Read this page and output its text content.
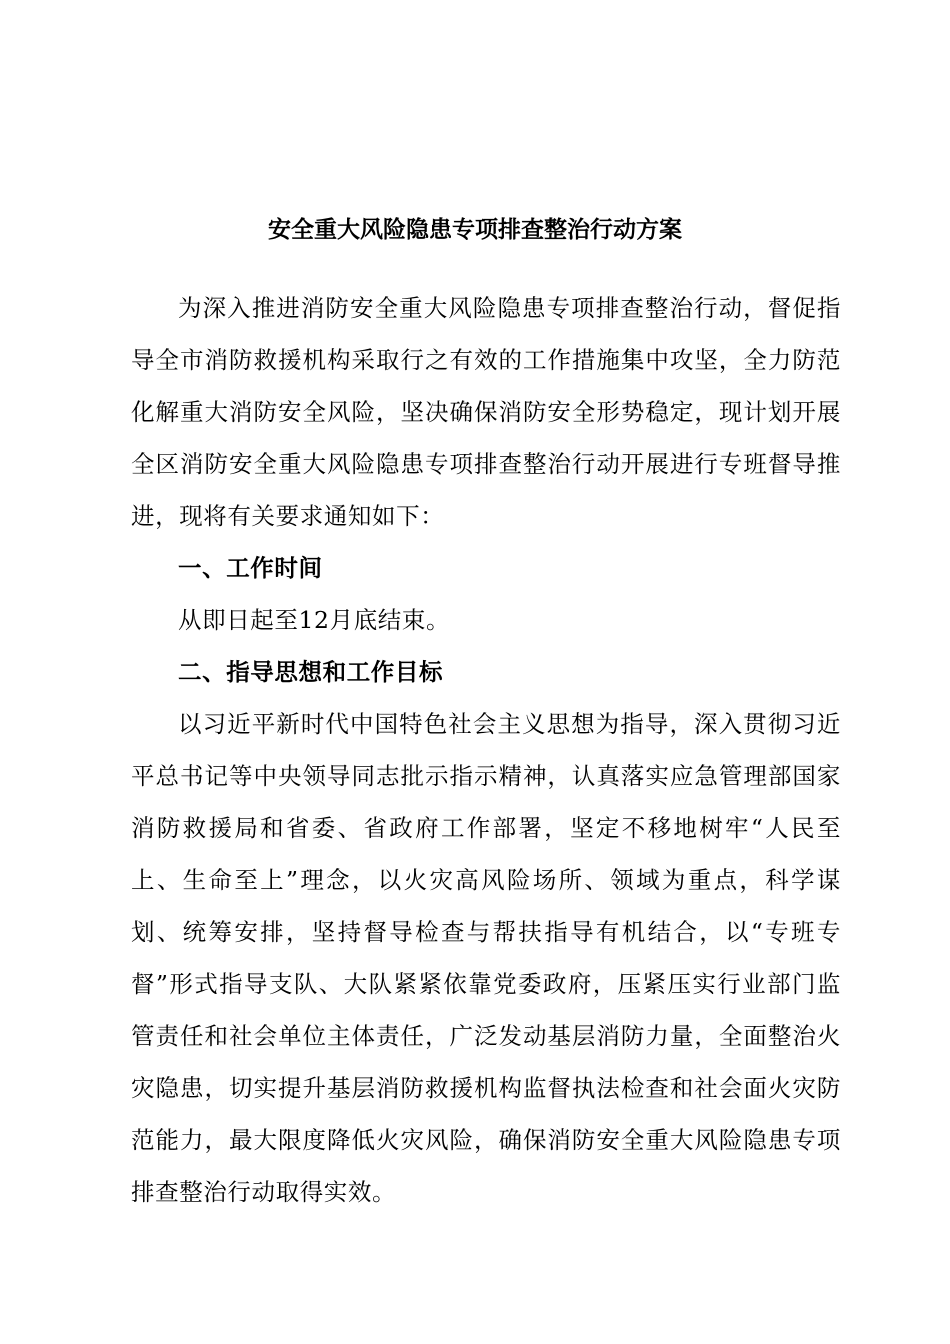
安全重大风险隐患专项排查整治行动方案

为深入推进消防安全重大风险隐患专项排查整治行动，督促指导全市消防救援机构采取行之有效的工作措施集中攻坚，全力防范化解重大消防安全风险，坚决确保消防安全形势稳定，现计划开展全区消防安全重大风险隐患专项排查整治行动开展进行专班督导推进，现将有关要求通知如下：

一、工作时间

从即日起至12月底结束。

二、指导思想和工作目标

以习近平新时代中国特色社会主义思想为指导，深入贯彻习近平总书记等中央领导同志批示指示精神，认真落实应急管理部国家消防救援局和省委、省政府工作部署，坚定不移地树牢“人民至上、生命至上”理念，以火灾高风险场所、领域为重点，科学谋划、统筹安排，坚持督导检查与帮扶指导有机结合，以“专班专督”形式指导支队、大队紧紧依靠党委政府，压紧压实行业部门监管责任和社会单位主体责任，广泛发动基层消防力量，全面整治火灾隐患，切实提升基层消防救援机构监督执法检查和社会面火灾防范能力，最大限度降低火灾风险，确保消防安全重大风险隐患专项排查整治行动取得实效。
